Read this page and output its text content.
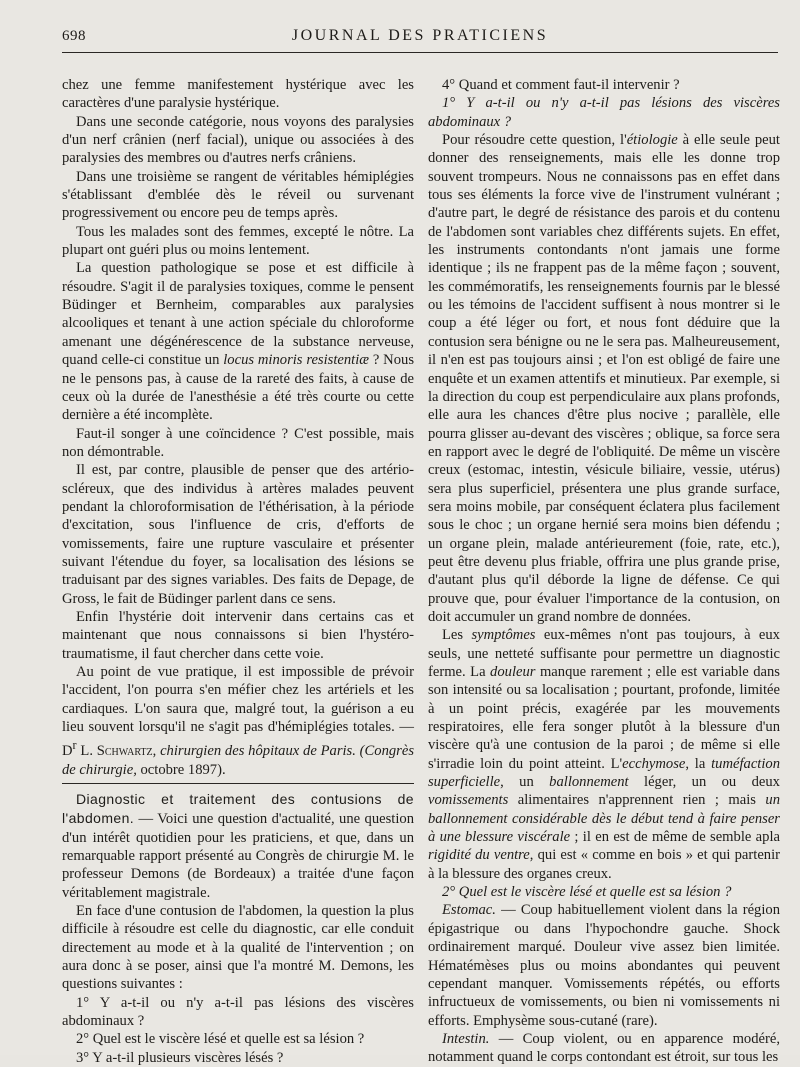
698	JOURNAL DES PRATICIENS

chez une femme manifestement hystérique avec les caractères d'une paralysie hystérique.

Dans une seconde catégorie, nous voyons des paralysies d'un nerf crânien (nerf facial), unique ou associées à des paralysies des membres ou d'autres nerfs crâniens.

Dans une troisième se rangent de véritables hémiplégies s'établissant d'emblée dès le réveil ou survenant progressivement ou encore peu de temps après.

Tous les malades sont des femmes, excepté le nôtre. La plupart ont guéri plus ou moins lentement.

La question pathologique se pose et est difficile à résoudre. S'agit il de paralysies toxiques, comme le pensent Büdinger et Bernheim, comparables aux paralysies alcooliques et tenant à une action spéciale du chloroforme amenant une dégénérescence de la substance nerveuse, quand celle-ci constitue un locus minoris resistentiæ ? Nous ne le pensons pas, à cause de la rareté des faits, à cause de ceux où la durée de l'anesthésie a été très courte ou cette dernière a été incomplète.

Faut-il songer à une coïncidence ? C'est possible, mais non démontrable.

Il est, par contre, plausible de penser que des artério-scléreux, que des individus à artères malades peuvent pendant la chloroformisation de l'éthérisation, à la période d'excitation, sous l'influence de cris, d'efforts de vomissements, faire une rupture vasculaire et présenter suivant l'étendue du foyer, sa localisation des lésions se traduisant par des signes variables. Des faits de Depage, de Gross, le fait de Büdinger parlent dans ce sens.

Enfin l'hystérie doit intervenir dans certains cas et maintenant que nous connaissons si bien l'hystéro-traumatisme, il faut chercher dans cette voie.

Au point de vue pratique, il est impossible de prévoir l'accident, l'on pourra s'en méfier chez les artériels et les cardiaques. L'on saura que, malgré tout, la guérison a eu lieu souvent lorsqu'il ne s'agit pas d'hémiplégies totales. — $D^r$ L. Schwartz, chirurgien des hôpitaux de Paris. (Congrès de chirurgie, octobre 1897).

Diagnostic et traitement des contusions de l'abdomen. — Voici une question d'actualité, une question d'un intérêt quotidien pour les praticiens, et que, dans un remarquable rapport présenté au Congrès de chirurgie M. le professeur Demons (de Bordeaux) a traitée d'une façon véritablement magistrale.

En face d'une contusion de l'abdomen, la question la plus difficile à résoudre est celle du diagnostic, car elle conduit directement au mode et à la qualité de l'intervention ; on aura donc à se poser, ainsi que l'a montré M. Demons, les questions suivantes :

1° Y a-t-il ou n'y a-t-il pas lésions des viscères abdominaux ?

2° Quel est le viscère lésé et quelle est sa lésion ?

3° Y a-t-il plusieurs viscères lésés ?

4° Quand et comment faut-il intervenir ?

1° Y a-t-il ou n'y a-t-il pas lésions des viscères abdominaux ?

Pour résoudre cette question, l'étiologie à elle seule peut donner des renseignements, mais elle les donne trop souvent trompeurs. Nous ne connaissons pas en effet dans tous ses éléments la force vive de l'instrument vulnérant ; d'autre part, le degré de résistance des parois et du contenu de l'abdomen sont variables chez différents sujets. En effet, les instruments contondants n'ont jamais une forme identique ; ils ne frappent pas de la même façon ; souvent, les commémoratifs, les renseignements fournis par le blessé ou les témoins de l'accident suffisent à nous montrer si le coup a été léger ou fort, et nous font déduire que la contusion sera bénigne ou ne le sera pas. Malheureusement, il n'en est pas toujours ainsi ; et l'on est obligé de faire une enquête et un examen attentifs et minutieux. Par exemple, si la direction du coup est perpendiculaire aux plans profonds, elle aura les chances d'être plus nocive ; parallèle, elle pourra glisser au-devant des viscères ; oblique, sa force sera en rapport avec le degré de l'obliquité. De même un viscère creux (estomac, intestin, vésicule biliaire, vessie, utérus) sera plus superficiel, présentera une plus grande surface, sera moins mobile, par conséquent éclatera plus facilement sous le choc ; un organe hernié sera moins bien défendu ; un organe plein, malade antérieurement (foie, rate, etc.), peut être devenu plus friable, offrira une plus grande prise, d'autant plus qu'il déborde la ligne de défense. Ce qui prouve que, pour évaluer l'importance de la contusion, on doit accumuler un grand nombre de données.

Les symptômes eux-mêmes n'ont pas toujours, à eux seuls, une netteté suffisante pour permettre un diagnostic ferme. La douleur manque rarement ; elle est variable dans son intensité ou sa localisation ; pourtant, profonde, limitée à un point précis, exagérée par les mouvements respiratoires, elle fera songer plutôt à la blessure d'un viscère qu'à une contusion de la paroi ; de même si elle s'irradie loin du point atteint. L'ecchymose, la tuméfaction superficielle, un ballonnement léger, un ou deux vomissements alimentaires n'apprennent rien ; mais un ballonnement considérable dès le début tend à faire penser à une blessure viscérale ; il en est de même de semble apla rigidité du ventre, qui est « comme en bois » et qui partenir à la blessure des organes creux.

2° Quel est le viscère lésé et quelle est sa lésion ?

Estomac. — Coup habituellement violent dans la région épigastrique ou dans l'hypochondre gauche. Shock ordinairement marqué. Douleur vive assez bien limitée. Hématémèses plus ou moins abondantes qui peuvent cependant manquer. Vomissements répétés, ou efforts infructueux de vomissements, ou bien ni vomissements ni efforts. Emphysème sous-cutané (rare).

Intestin. — Coup violent, ou en apparence modéré, notamment quand le corps contondant est étroit, sur tous les
